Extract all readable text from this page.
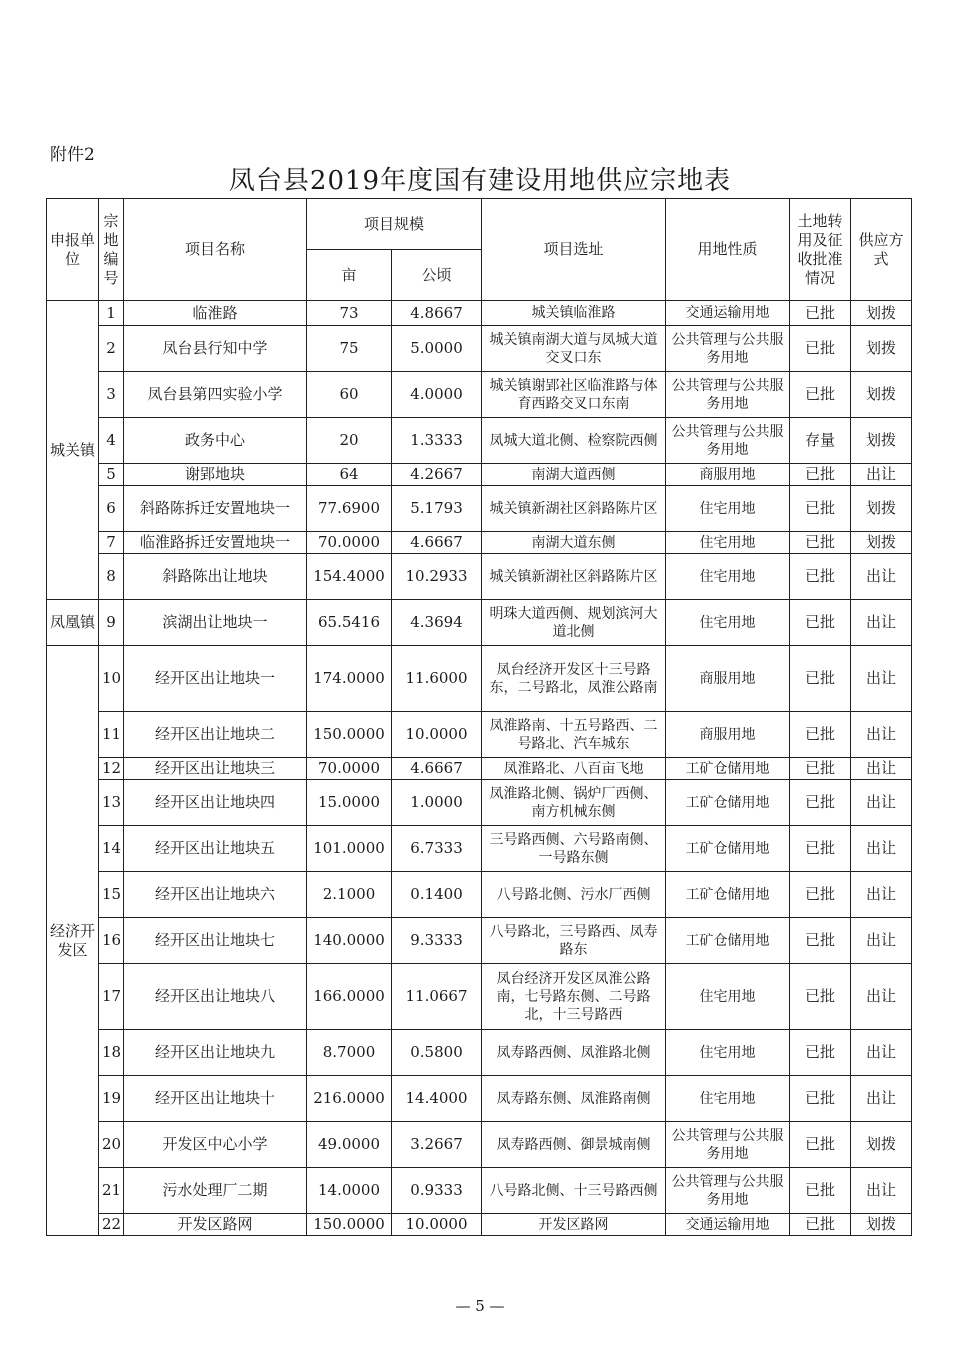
附件2
凤台县2019年度国有建设用地供应宗地表
申报单位	宗地编号	项目名称	项目规模		项目选址	用地性质	土地转用及征收批准情况	供应方式
			亩	公顷				
城关镇	1	临淮路	73	4.8667	城关镇临淮路	交通运输用地	已批	划拨
	2	凤台县行知中学	75	5.0000	城关镇南湖大道与凤城大道交叉口东	公共管理与公共服务用地	已批	划拨
	3	凤台县第四实验小学	60	4.0000	城关镇谢郢社区临淮路与体育西路交叉口东南	公共管理与公共服务用地	已批	划拨
	4	政务中心	20	1.3333	凤城大道北侧、检察院西侧	公共管理与公共服务用地	存量	划拨
	5	谢郢地块	64	4.2667	南湖大道西侧	商服用地	已批	出让
	6	斜路陈拆迁安置地块一	77.6900	5.1793	城关镇新湖社区斜路陈片区	住宅用地	已批	划拨
	7	临淮路拆迁安置地块一	70.0000	4.6667	南湖大道东侧	住宅用地	已批	划拨
	8	斜路陈出让地块	154.4000	10.2933	城关镇新湖社区斜路陈片区	住宅用地	已批	出让
凤凰镇	9	滨湖出让地块一	65.5416	4.3694	明珠大道西侧、规划滨河大道北侧	住宅用地	已批	出让
经济开发区	10	经开区出让地块一	174.0000	11.6000	凤台经济开发区十三号路东，二号路北，凤淮公路南	商服用地	已批	出让
	11	经开区出让地块二	150.0000	10.0000	凤淮路南、十五号路西、二号路北、汽车城东	商服用地	已批	出让
	12	经开区出让地块三	70.0000	4.6667	凤淮路北、八百亩飞地	工矿仓储用地	已批	出让
	13	经开区出让地块四	15.0000	1.0000	凤淮路北侧、锅炉厂西侧、南方机械东侧	工矿仓储用地	已批	出让
	14	经开区出让地块五	101.0000	6.7333	三号路西侧、六号路南侧、一号路东侧	工矿仓储用地	已批	出让
	15	经开区出让地块六	2.1000	0.1400	八号路北侧、污水厂西侧	工矿仓储用地	已批	出让
	16	经开区出让地块七	140.0000	9.3333	八号路北，三号路西、凤寿路东	工矿仓储用地	已批	出让
	17	经开区出让地块八	166.0000	11.0667	凤台经济开发区凤淮公路南，七号路东侧、二号路北，十三号路西	住宅用地	已批	出让
	18	经开区出让地块九	8.7000	0.5800	凤寿路西侧、凤淮路北侧	住宅用地	已批	出让
	19	经开区出让地块十	216.0000	14.4000	凤寿路东侧、凤淮路南侧	住宅用地	已批	出让
	20	开发区中心小学	49.0000	3.2667	凤寿路西侧、御景城南侧	公共管理与公共服务用地	已批	划拨
	21	污水处理厂二期	14.0000	0.9333	八号路北侧、十三号路西侧	公共管理与公共服务用地	已批	出让
	22	开发区路网	150.0000	10.0000	开发区路网	交通运输用地	已批	划拨
— 5 —
